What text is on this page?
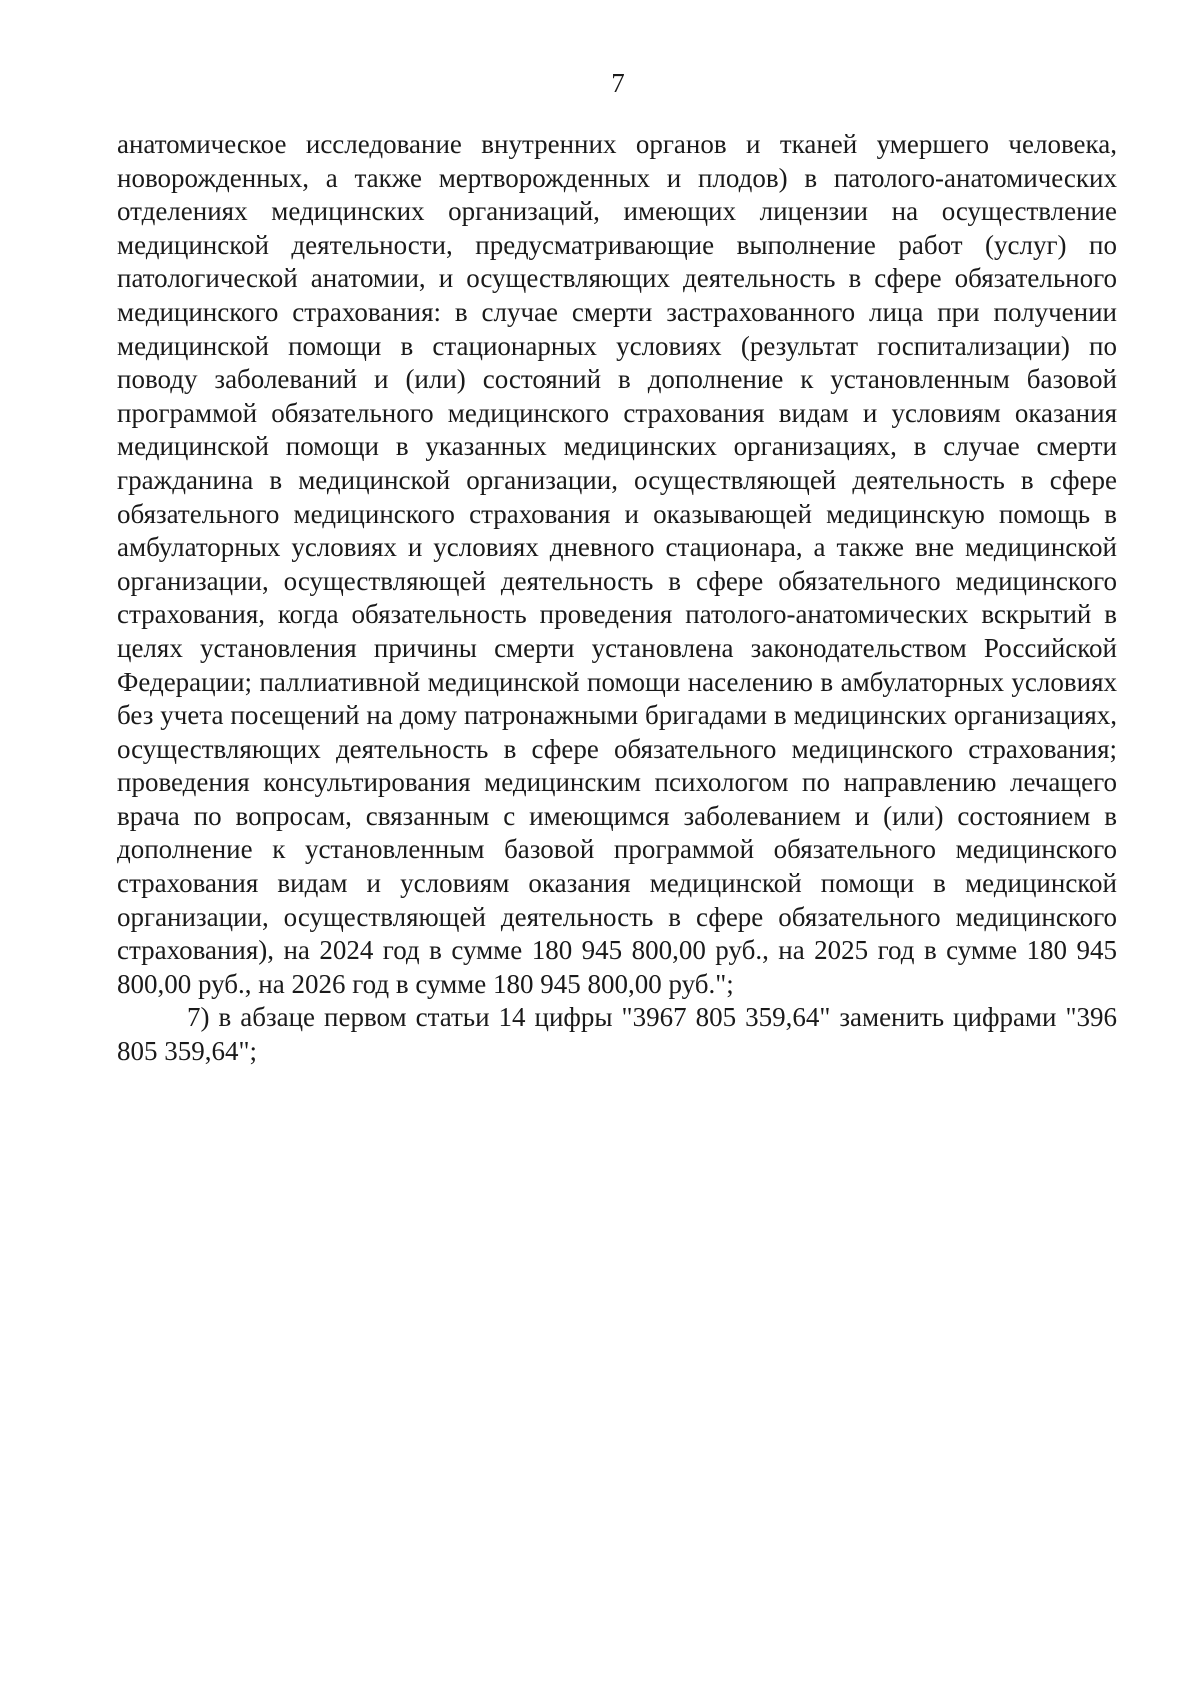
7

анатомическое исследование внутренних органов и тканей умершего человека, новорожденных, а также мертворожденных и плодов) в патолого-анатомических отделениях медицинских организаций, имеющих лицензии на осуществление медицинской деятельности, предусматривающие выполнение работ (услуг) по патологической анатомии, и осуществляющих деятельность в сфере обязательного медицинского страхования: в случае смерти застрахованного лица при получении медицинской помощи в стационарных условиях (результат госпитализации) по поводу заболеваний и (или) состояний в дополнение к установленным базовой программой обязательного медицинского страхования видам и условиям оказания медицинской помощи в указанных медицинских организациях, в случае смерти гражданина в медицинской организации, осуществляющей деятельность в сфере обязательного медицинского страхования и оказывающей медицинскую помощь в амбулаторных условиях и условиях дневного стационара, а также вне медицинской организации, осуществляющей деятельность в сфере обязательного медицинского страхования, когда обязательность проведения патолого-анатомических вскрытий в целях установления причины смерти установлена законодательством Российской Федерации; паллиативной медицинской помощи населению в амбулаторных условиях без учета посещений на дому патронажными бригадами в медицинских организациях, осуществляющих деятельность в сфере обязательного медицинского страхования; проведения консультирования медицинским психологом по направлению лечащего врача по вопросам, связанным с имеющимся заболеванием и (или) состоянием в дополнение к установленным базовой программой обязательного медицинского страхования видам и условиям оказания медицинской помощи в медицинской организации, осуществляющей деятельность в сфере обязательного медицинского страхования), на 2024 год в сумме 180 945 800,00 руб., на 2025 год в сумме 180 945 800,00 руб., на 2026 год в сумме 180 945 800,00 руб.";

7) в абзаце первом статьи 14 цифры "3967 805 359,64" заменить цифрами "396 805 359,64";
